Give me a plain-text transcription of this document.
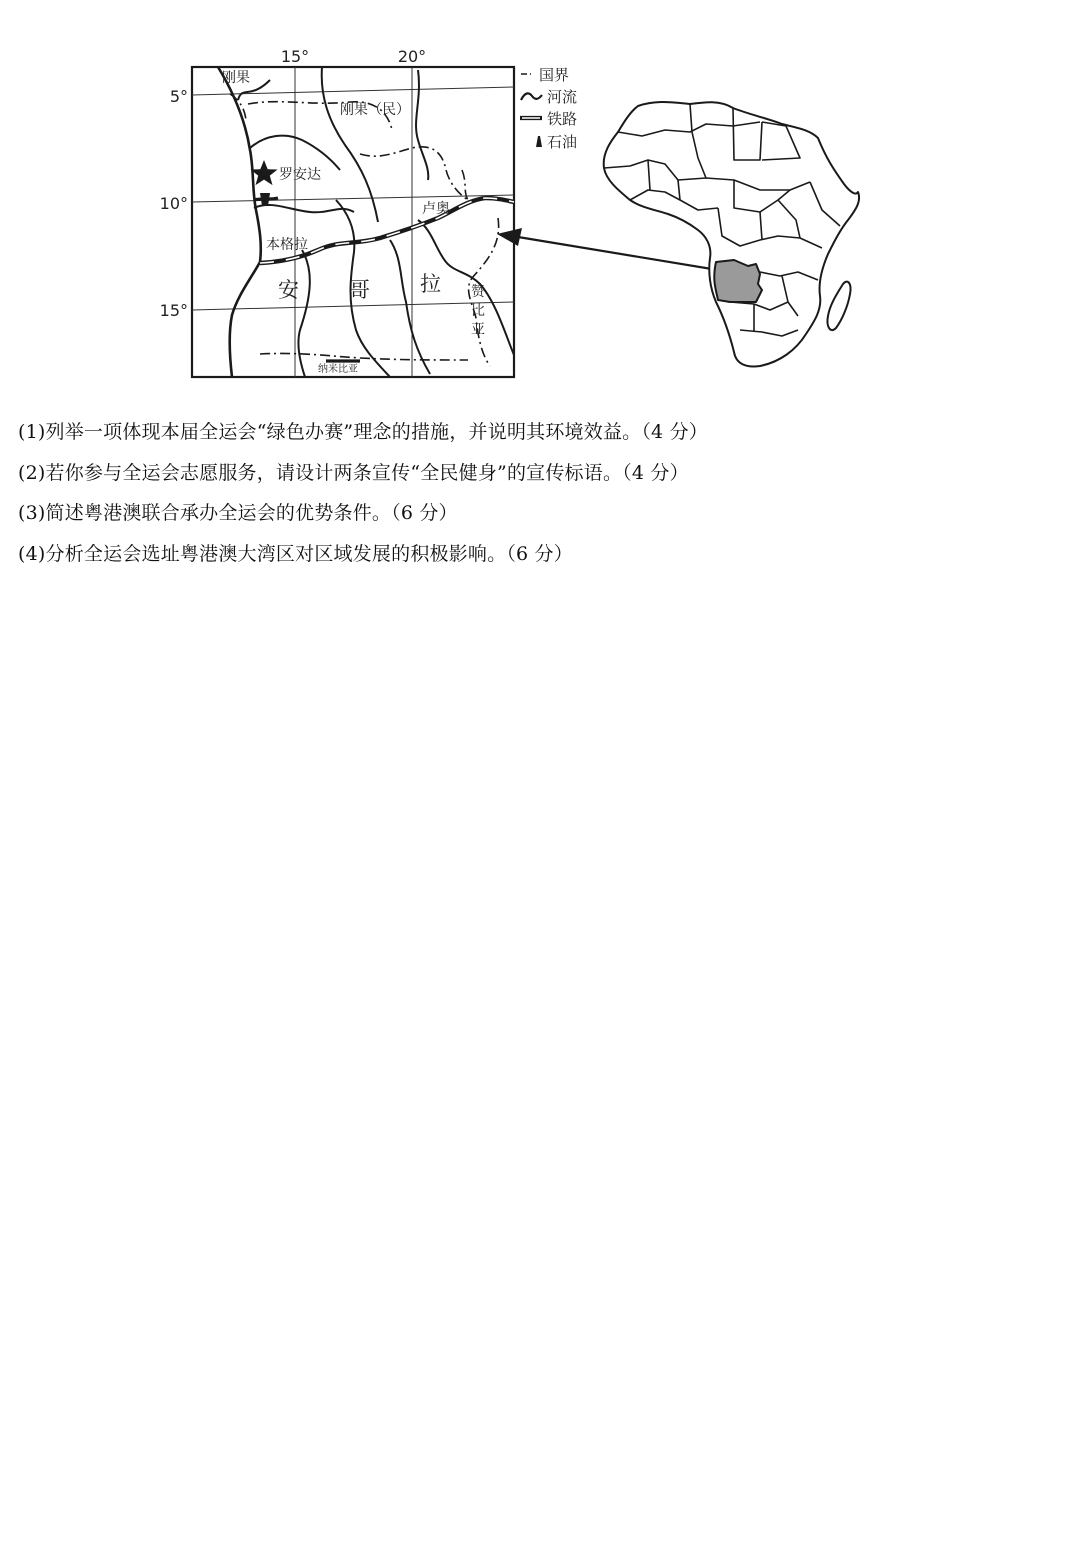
15°	20°
5°
10°
15°
刚果
刚果（民）
罗安达
卢奥
本格拉
安 哥 拉 赞
比
亚
纳米比亚
国界
河流
铁路
石油
(1)列举一项体现本届全运会“绿色办赛”理念的措施，并说明其环境效益。（4 分）
(2)若你参与全运会志愿服务，请设计两条宣传“全民健身”的宣传标语。（4 分）
(3)简述粤港澳联合承办全运会的优势条件。（6 分）
(4)分析全运会选址粤港澳大湾区对区域发展的积极影响。（6 分）
